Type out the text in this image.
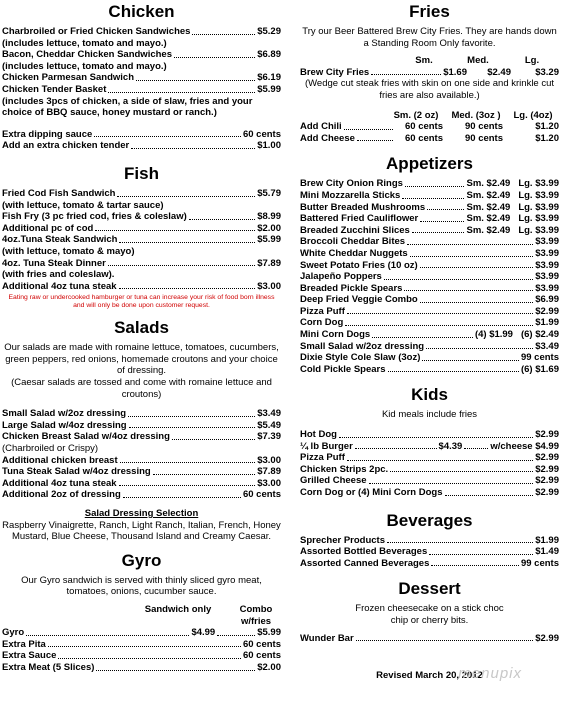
Chicken
Charbroiled or Fried Chicken Sandwiches	$5.29
(includes lettuce, tomato and mayo.)
Bacon, Cheddar Chicken Sandwiches	$6.89
(includes lettuce, tomato and mayo.)
Chicken Parmesan Sandwich	$6.19
Chicken Tender Basket	$5.99
(includes 3pcs of chicken, a side of slaw, fries and your choice of BBQ sauce, honey mustard or ranch.)
Extra dipping sauce	60 cents
Add an extra chicken tender	$1.00
Fish
Fried Cod Fish Sandwich	$5.79
(with lettuce, tomato & tartar sauce)
Fish Fry (3 pc fried cod, fries & coleslaw)	$8.99
Additional pc of cod	$2.00
4oz.Tuna Steak Sandwich	$5.99
(with lettuce, tomato & mayo)
4oz. Tuna Steak Dinner	$7.89
(with fries and coleslaw).
Additional 4oz tuna steak	$3.00
Eating raw or undercooked hamburger or tuna can increase your risk of food born illness and will only be done upon customer request.
Salads
Our salads are made with romaine lettuce, tomatoes, cucumbers, green peppers, red onions, homemade croutons and your choice of dressing.
(Caesar salads are tossed and come with romaine lettuce and croutons)
Small Salad w/2oz dressing	$3.49
Large Salad w/4oz dressing	$5.49
Chicken Breast Salad w/4oz dressing	$7.39
(Charbroiled or Crispy)
Additional chicken breast	$3.00
Tuna Steak Salad w/4oz dressing	$7.89
Additional 4oz tuna steak	$3.00
Additional 2oz of dressing	60 cents
Salad Dressing Selection
Raspberry Vinaigrette, Ranch, Light Ranch, Italian, French, Honey Mustard, Blue Cheese, Thousand Island and Creamy Caesar.
Gyro
Our Gyro sandwich is served with thinly sliced gyro meat, tomatoes, onions, cucumber sauce.
Sandwich only	Combo w/fries
Gyro	$4.99	$5.99
Extra Pita	60 cents
Extra Sauce	60 cents
Extra Meat (5 Slices)	$2.00
Fries
Try our Beer Battered Brew City Fries. They are hands down a Standing Room Only favorite.
Sm.	Med.	Lg.
Brew City Fries	$1.69	$2.49	$3.29
(Wedge cut steak fries with skin on one side and krinkle cut fries are also available.)
Sm. (2 oz)	Med. (3oz )	Lg. (4oz)
Add Chili	60 cents	90 cents	$1.20
Add Cheese	60 cents	90 cents	$1.20
Appetizers
Brew City Onion Rings	Sm. $2.49 Lg. $3.99
Mini Mozzarella Sticks	Sm. $2.49 Lg. $3.99
Butter Breaded Mushrooms	Sm. $2.49 Lg. $3.99
Battered Fried Cauliflower	Sm. $2.49 Lg. $3.99
Breaded Zucchini Slices	Sm. $2.49 Lg. $3.99
Broccoli Cheddar Bites	$3.99
White Cheddar Nuggets	$3.99
Sweet Potato Fries (10 oz)	$3.99
Jalapeño Poppers	$3.99
Breaded Pickle Spears	$3.99
Deep Fried Veggie Combo	$6.99
Pizza Puff	$2.99
Corn Dog	$1.99
Mini Corn Dogs	(4) $1.99 (6) $2.49
Small Salad w/2oz dressing	$3.49
Dixie Style Cole Slaw (3oz)	99 cents
Cold Pickle Spears	(6) $1.69
Kids
Kid meals include fries
Hot Dog	$2.99
¼ lb Burger	$4.39	w/cheese $4.99
Pizza Puff	$2.99
Chicken Strips 2pc.	$2.99
Grilled Cheese	$2.99
Corn Dog or (4) Mini Corn Dogs	$2.99
Beverages
Sprecher Products	$1.99
Assorted Bottled Beverages	$1.49
Assorted Canned Beverages	99 cents
Dessert
Frozen cheesecake on a stick choc chip or cherry bits.
Wunder Bar	$2.99
Revised March 20, 2012
menupix
